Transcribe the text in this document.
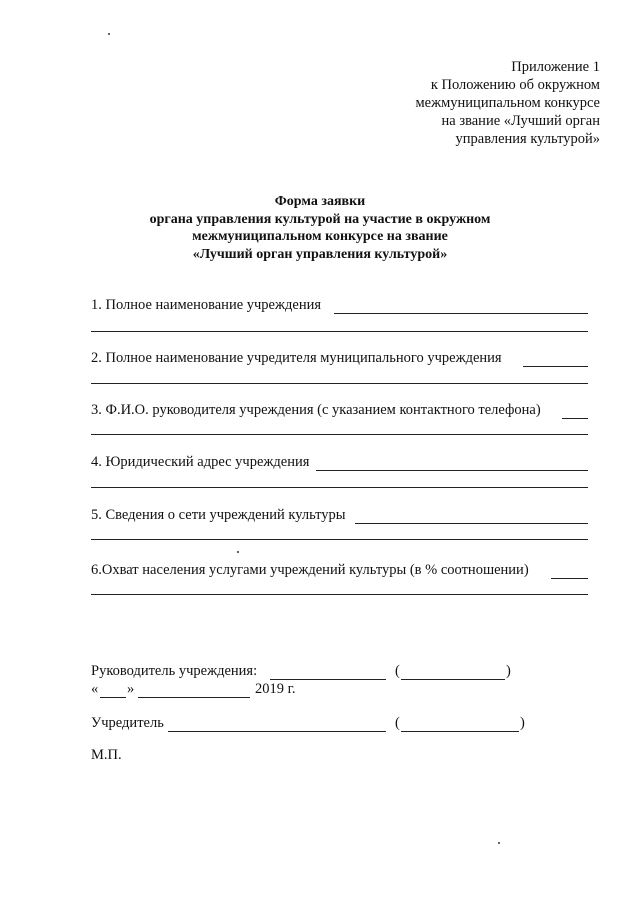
Приложение 1
к Положению об окружном
межмуниципальном конкурсе
на звание «Лучший орган
управления культурой»
Форма заявки
органа управления культурой на участие в окружном
межмуниципальном конкурсе на звание
«Лучший орган управления культурой»
1. Полное наименование учреждения
2. Полное наименование учредителя муниципального учреждения
3. Ф.И.О. руководителя учреждения (с указанием контактного телефона)
4. Юридический адрес учреждения
5. Сведения о сети учреждений культуры
6.Охват населения услугами учреждений культуры (в % соотношении)
Руководитель учреждения:	(	)
« »	2019 г.
Учредитель	(	)
М.П.
